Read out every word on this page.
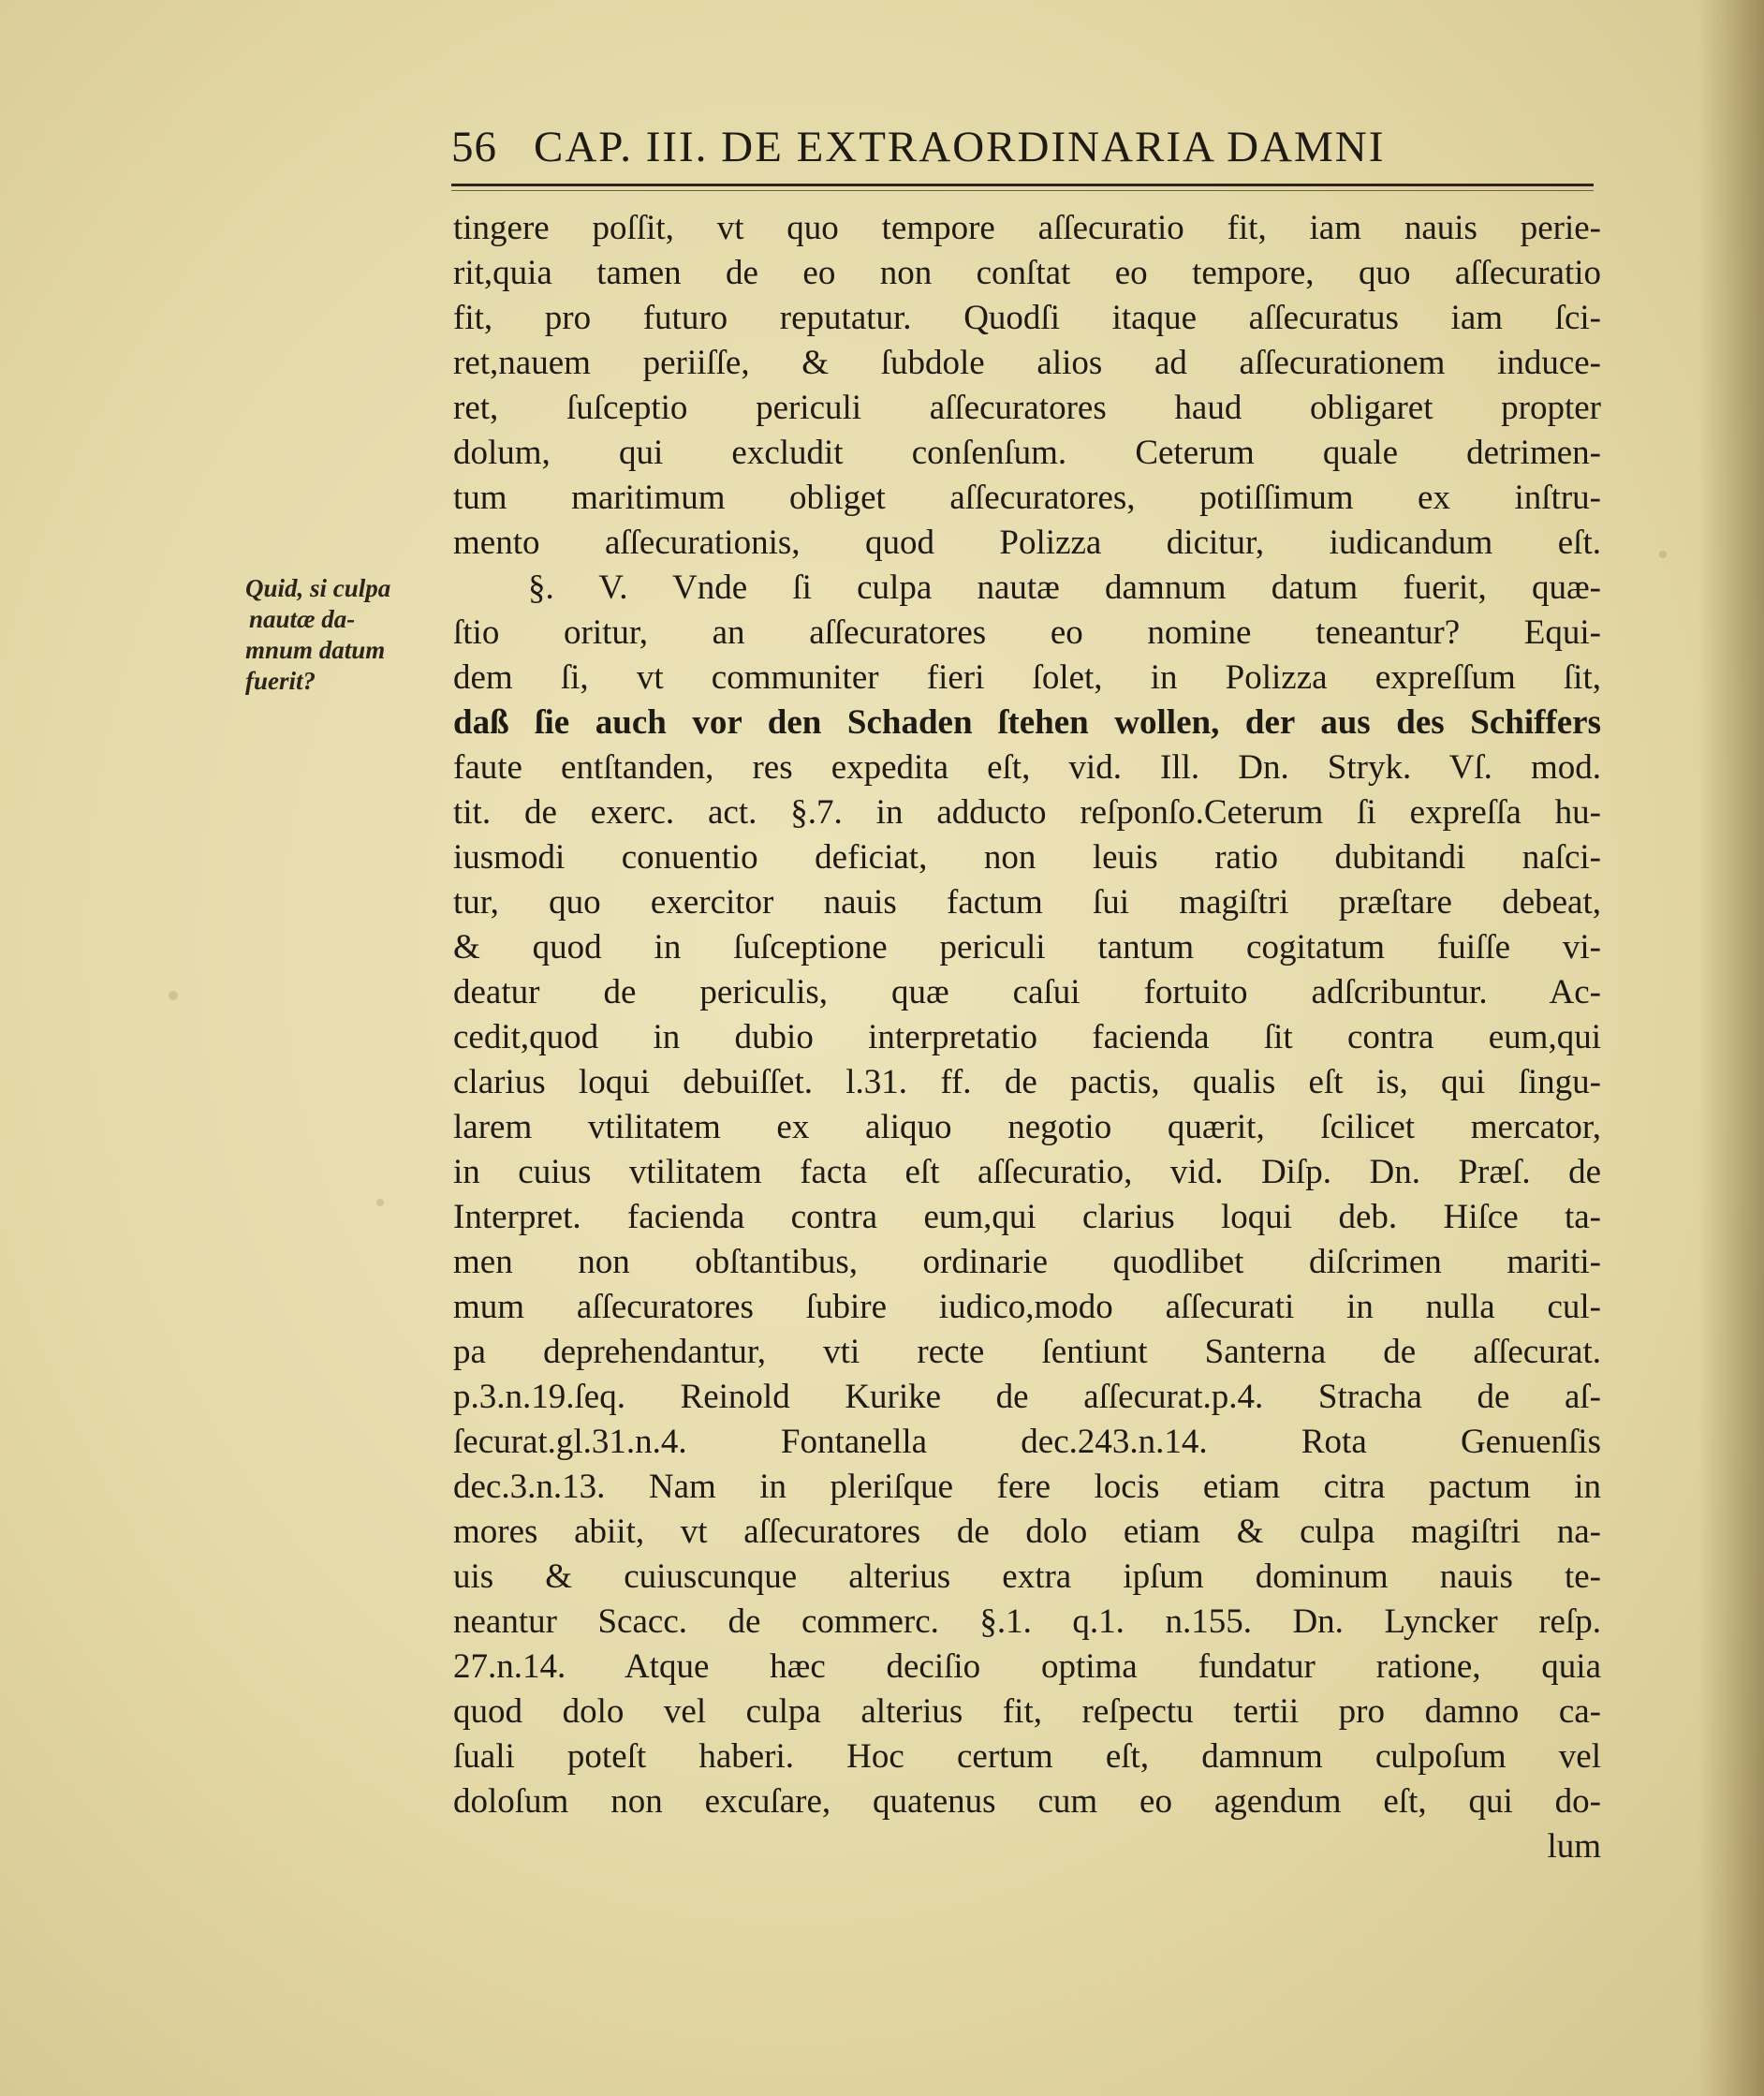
56 CAP. III. DE EXTRAORDINARIA DAMNI
Quid, si culpa
nautæ da-
mnum datum
fuerit?
tingere poſſit, vt quo tempore aſſecuratio fit, iam nauis perie-
rit,quia tamen de eo non conſtat eo tempore, quo aſſecuratio
fit, pro futuro reputatur. Quodſi itaque aſſecuratus iam ſci-
ret,nauem periiſſe, & ſubdole alios ad aſſecurationem induce-
ret, ſuſceptio periculi aſſecuratores haud obligaret propter
dolum, qui excludit conſenſum. Ceterum quale detrimen-
tum maritimum obliget aſſecuratores, potiſſimum ex inſtru-
mento aſſecurationis, quod Polizza dicitur, iudicandum eſt.
§. V. Vnde ſi culpa nautæ damnum datum fuerit, quæ-
ſtio oritur, an aſſecuratores eo nomine teneantur? Equi-
dem ſi, vt communiter fieri ſolet, in Polizza expreſſum ſit,
daß ſie auch vor den Schaden ſtehen wollen, der aus des Schiffers
faute entſtanden, res expedita eſt, vid. Ill. Dn. Stryk. Vſ. mod.
tit. de exerc. act. §.7. in adducto reſponſo.Ceterum ſi expreſſa hu-
iusmodi conuentio deficiat, non leuis ratio dubitandi naſci-
tur, quo exercitor nauis factum ſui magiſtri præſtare debeat,
& quod in ſuſceptione periculi tantum cogitatum fuiſſe vi-
deatur de periculis, quæ caſui fortuito adſcribuntur. Ac-
cedit,quod in dubio interpretatio facienda ſit contra eum,qui
clarius loqui debuiſſet. l.31. ff. de pactis, qualis eſt is, qui ſingu-
larem vtilitatem ex aliquo negotio quærit, ſcilicet mercator,
in cuius vtilitatem facta eſt aſſecuratio, vid. Diſp. Dn. Præſ. de
Interpret. facienda contra eum,qui clarius loqui deb. Hiſce ta-
men non obſtantibus, ordinarie quodlibet diſcrimen mariti-
mum aſſecuratores ſubire iudico,modo aſſecurati in nulla cul-
pa deprehendantur, vti recte ſentiunt Santerna de aſſecurat.
p.3.n.19.ſeq. Reinold Kurike de aſſecurat.p.4. Stracha de aſ-
ſecurat.gl.31.n.4. Fontanella dec.243.n.14. Rota Genuenſis
dec.3.n.13. Nam in pleriſque fere locis etiam citra pactum in
mores abiit, vt aſſecuratores de dolo etiam & culpa magiſtri na-
uis & cuiuscunque alterius extra ipſum dominum nauis te-
neantur Scacc. de commerc. §.1. q.1. n.155. Dn. Lyncker reſp.
27.n.14. Atque hæc deciſio optima fundatur ratione, quia
quod dolo vel culpa alterius fit, reſpectu tertii pro damno ca-
ſuali poteſt haberi. Hoc certum eſt, damnum culpoſum vel
doloſum non excuſare, quatenus cum eo agendum eſt, qui do-
lum
